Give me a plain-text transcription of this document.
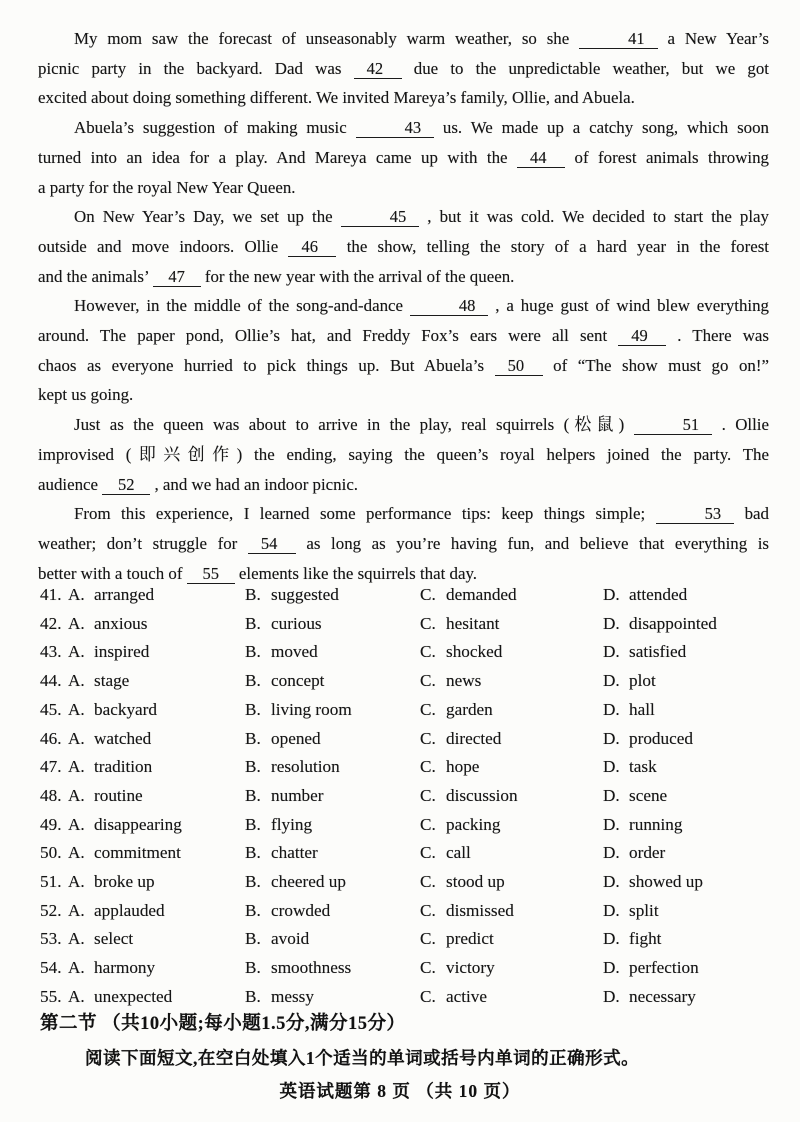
My mom saw the forecast of unseasonably warm weather, so she	41 a New Year’s
picnic party in the backyard. Dad was 42 due to the unpredictable weather, but we got
excited about doing something different. We invited Mareya’s family, Ollie, and Abuela.
Abuela’s suggestion of making music	43 us. We made up a catchy song, which soon
turned into an idea for a play. And Mareya came up with the 44 of forest animals throwing
a party for the royal New Year Queen.
On New Year’s Day, we set up the	45 , but it was cold. We decided to start the play
outside and move indoors. Ollie 46 the show, telling the story of a hard year in the forest
and the animals’ 47 for the new year with the arrival of the queen.
However, in the middle of the song-and-dance	48 , a huge gust of wind blew everything
around. The paper pond, Ollie’s hat, and Freddy Fox’s ears were all sent 49 . There was
chaos as everyone hurried to pick things up. But Abuela’s 50 of “The show must go on!”
kept us going.
Just as the queen was about to arrive in the play, real squirrels (松鼠)	51 . Ollie
improvised (即兴创作) the ending, saying the queen’s royal helpers joined the party. The
audience 52 , and we had an indoor picnic.
From this experience, I learned some performance tips: keep things simple;	53 bad
weather; don’t struggle for 54 as long as you’re having fun, and believe that everything is
better with a touch of 55 elements like the squirrels that day.
41. A. arranged	B. suggested	C. demanded	D. attended
42. A. anxious	B. curious	C. hesitant	D. disappointed
43. A. inspired	B. moved	C. shocked	D. satisfied
44. A. stage	B. concept	C. news	D. plot
45. A. backyard	B. living room	C. garden	D. hall
46. A. watched	B. opened	C. directed	D. produced
47. A. tradition	B. resolution	C. hope	D. task
48. A. routine	B. number	C. discussion	D. scene
49. A. disappearing	B. flying	C. packing	D. running
50. A. commitment	B. chatter	C. call	D. order
51. A. broke up	B. cheered up	C. stood up	D. showed up
52. A. applauded	B. crowded	C. dismissed	D. split
53. A. select	B. avoid	C. predict	D. fight
54. A. harmony	B. smoothness	C. victory	D. perfection
55. A. unexpected	B. messy	C. active	D. necessary
第二节 （共10小题;每小题1.5分,满分15分）
阅读下面短文,在空白处填入1个适当的单词或括号内单词的正确形式。
英语试题第 8 页 （共 10 页）
